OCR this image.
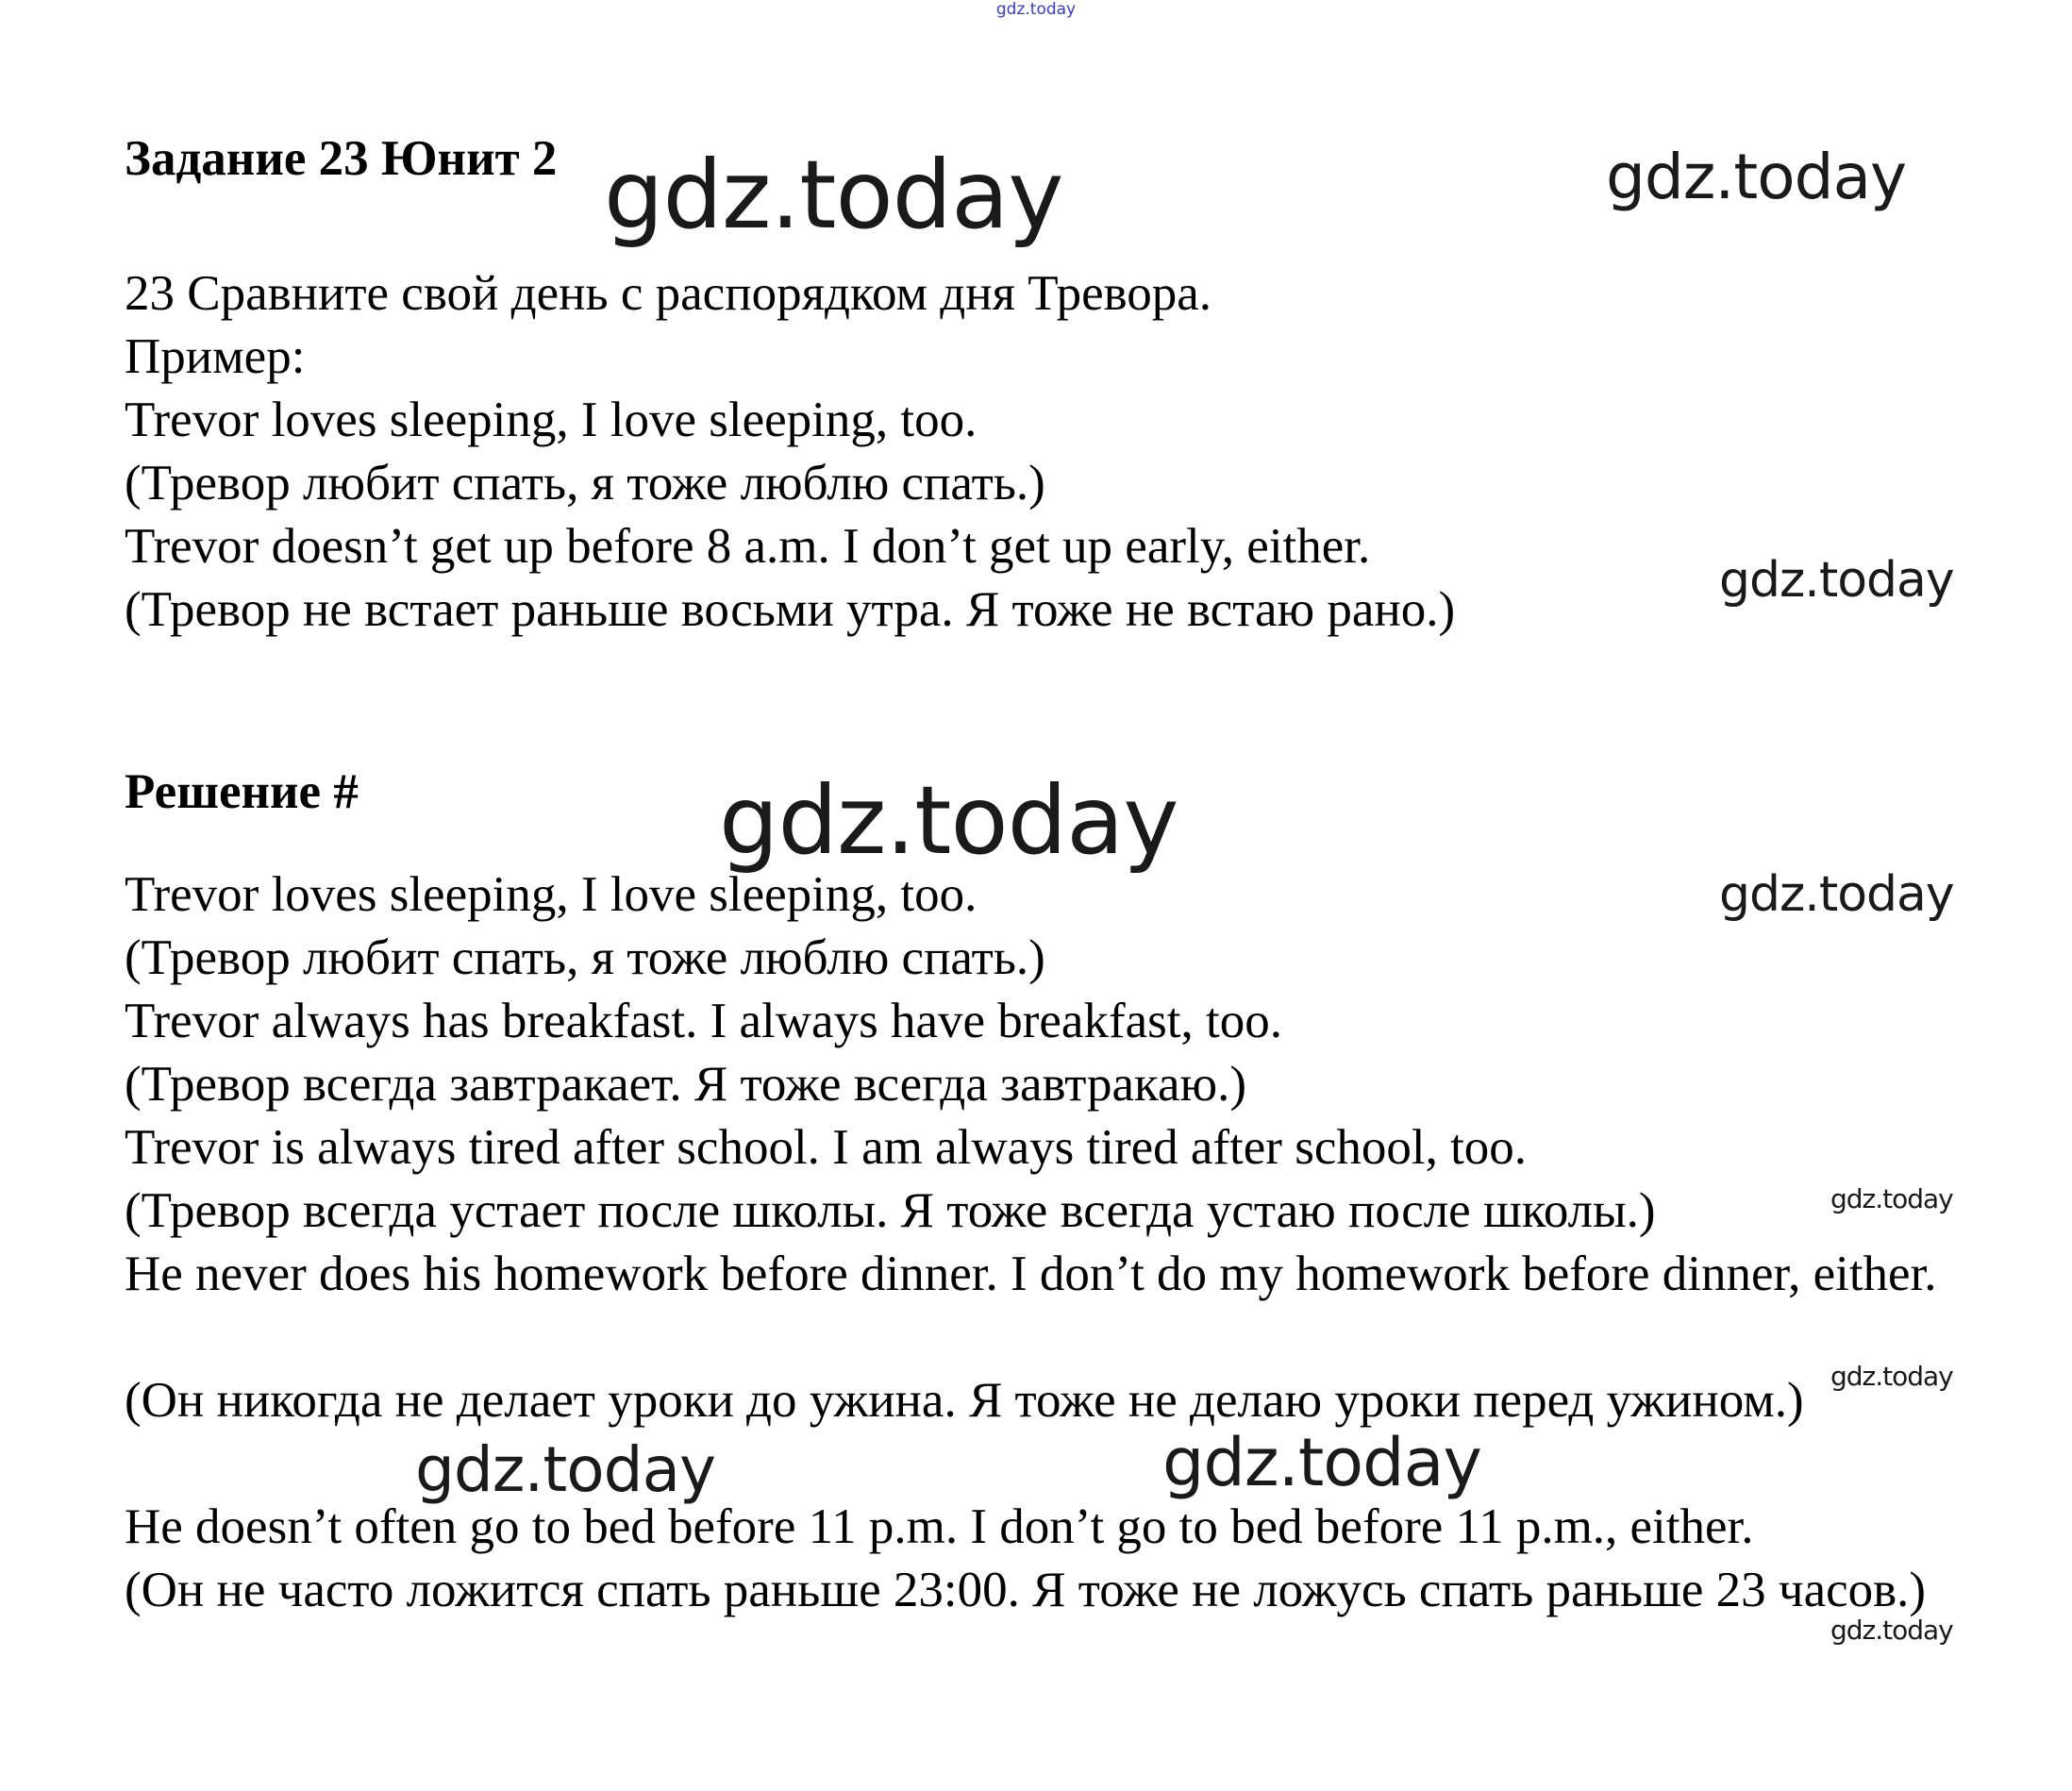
gdz.today
Задание 23 Юнит 2
23 Сравните свой день с распорядком дня Тревора.
Пример:
Trevor loves sleeping, I love sleeping, too.
(Тревор любит спать, я тоже люблю спать.)
Trevor doesn’t get up before 8 a.m. I don’t get up early, either.
(Тревор не встает раньше восьми утра. Я тоже не встаю рано.)
Решение #
Trevor loves sleeping, I love sleeping, too.
(Тревор любит спать, я тоже люблю спать.)
Trevor always has breakfast. I always have breakfast, too.
(Тревор всегда завтракает. Я тоже всегда завтракаю.)
Trevor is always tired after school. I am always tired after school, too.
(Тревор всегда устает после школы. Я тоже всегда устаю после школы.)
He never does his homework before dinner. I don’t do my homework before dinner, either.
(Он никогда не делает уроки до ужина. Я тоже не делаю уроки перед ужином.)
He doesn’t often go to bed before 11 p.m. I don’t go to bed before 11 p.m., either.
(Он не часто ложится спать раньше 23:00. Я тоже не ложусь спать раньше 23 часов.)
gdz.today	gdz.today
gdz.today
gdz.today
gdz.today
gdz.today
gdz.today
gdz.today	gdz.today
gdz.today
